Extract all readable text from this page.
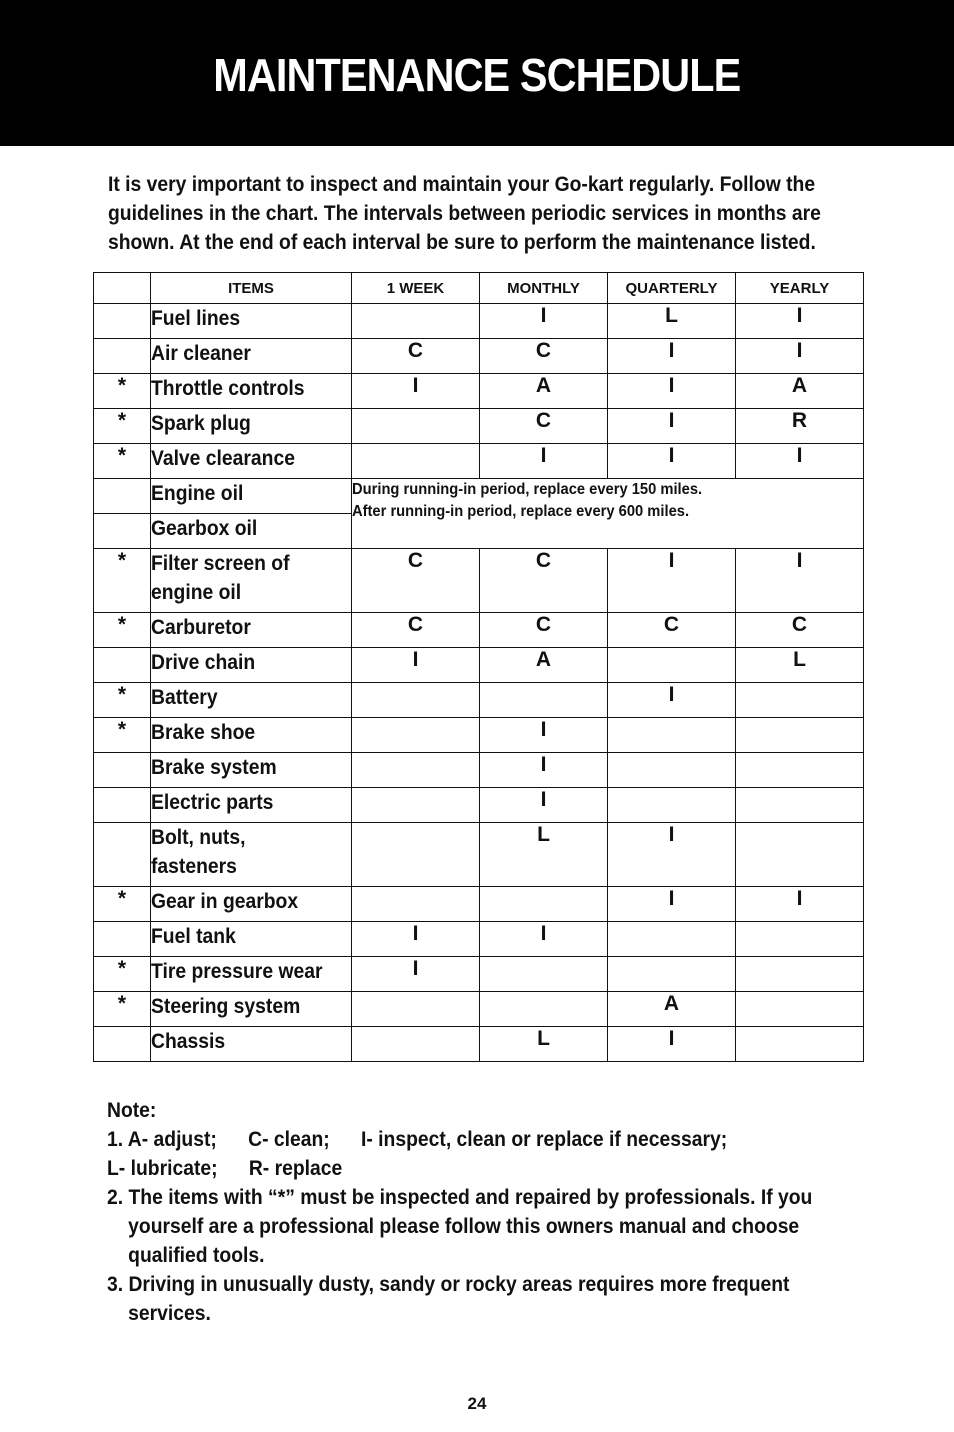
MAINTENANCE SCHEDULE
It is very important to inspect and maintain your Go-kart regularly. Follow the
guidelines in the chart. The intervals between periodic services in months are
shown. At the end of each interval be sure to perform the maintenance listed.
	ITEMS	1 WEEK	MONTHLY	QUARTERLY	YEARLY
	Fuel lines		I	L	I
	Air cleaner	C	C	I	I
*	Throttle controls	I	A	I	A
*	Spark plug		C	I	R
*	Valve clearance		I	I	I
	Engine oil	During running-in period, replace every 150 miles.
After running-in period, replace every 600 miles.			

	Gearbox oil				
*	Filter screen of engine oil	C	C	I	I
*	Carburetor	C	C	C	C
	Drive chain	I	A		L
*	Battery			I	
*	Brake shoe		I		
	Brake system		I		
	Electric parts		I		
	Bolt, nuts, fasteners		L	I	
*	Gear in gearbox			I	I
	Fuel tank	I	I		
*	Tire pressure wear	I			
*	Steering system			A	
	Chassis		L	I	
Note:
1. A- adjust; C- clean; I- inspect, clean or replace if necessary;
L- lubricate; R- replace
2. The items with “*” must be inspected and repaired by professionals. If you
yourself are a professional please follow this owners manual and choose
qualified tools.
3. Driving in unusually dusty, sandy or rocky areas requires more frequent
services.
24
